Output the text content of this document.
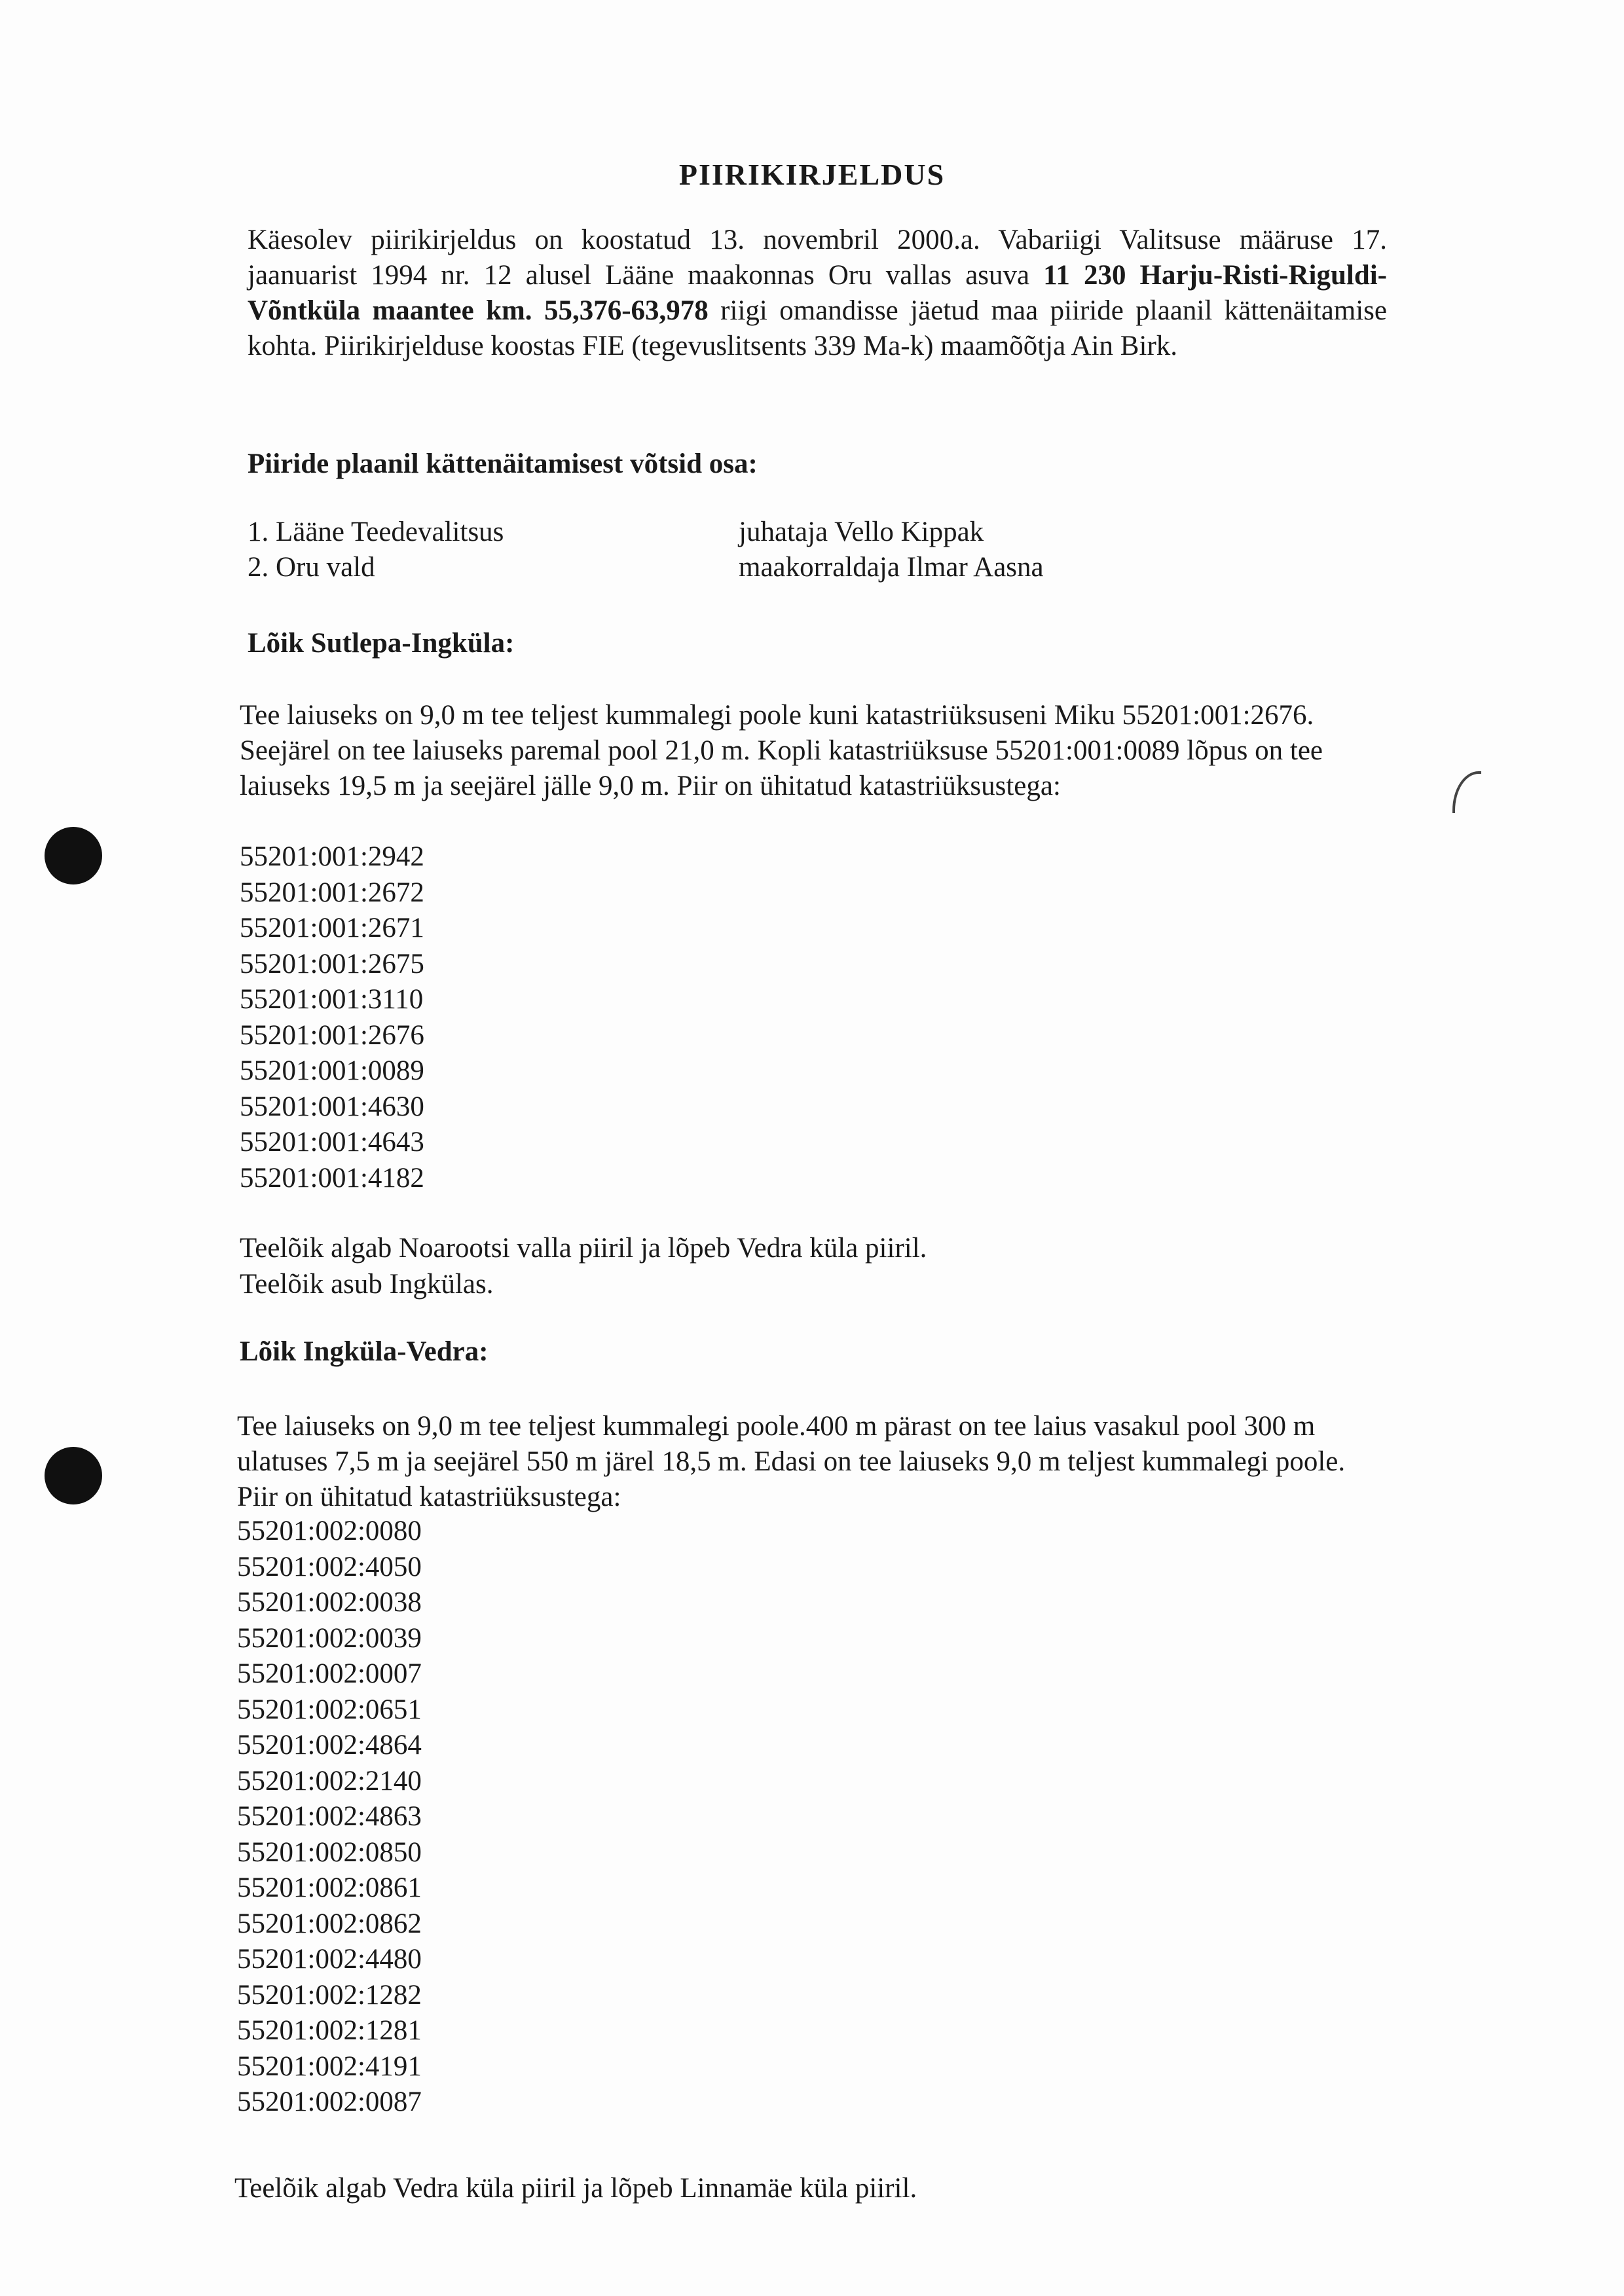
PIIRIKIRJELDUS

Käesolev piirikirjeldus on koostatud 13. novembril 2000.a. Vabariigi Valitsuse määruse 17. jaanuarist 1994 nr. 12 alusel Lääne maakonnas Oru vallas asuva 11 230 Harju-Risti-Riguldi-Võntküla maantee km. 55,376-63,978 riigi omandisse jäetud maa piiride plaanil kättenäitamise kohta. Piirikirjelduse koostas FIE (tegevuslitsents 339 Ma-k) maamõõtja Ain Birk.

Piiride plaanil kättenäitamisest võtsid osa:
1. Lääne Teedevalitsus	juhataja Vello Kippak
2. Oru vald	maakorraldaja Ilmar Aasna
Lõik Sutlepa-Ingküla:

Tee laiuseks on 9,0 m tee teljest kummalegi poole kuni katastriüksuseni Miku 55201:001:2676. Seejärel on tee laiuseks paremal pool 21,0 m. Kopli katastriüksuse 55201:001:0089 lõpus on tee laiuseks 19,5 m ja seejärel jälle 9,0 m. Piir on ühitatud katastriüksustega:

55201:001:2942
55201:001:2672
55201:001:2671
55201:001:2675
55201:001:3110
55201:001:2676
55201:001:0089
55201:001:4630
55201:001:4643
55201:001:4182
Teelõik algab Noarootsi valla piiril ja lõpeb Vedra küla piiril.
Teelõik asub Ingkülas.
Lõik Ingküla-Vedra:

Tee laiuseks on 9,0 m tee teljest kummalegi poole.400 m pärast on tee laius vasakul pool 300 m ulatuses 7,5 m ja seejärel 550 m järel 18,5 m. Edasi on tee laiuseks 9,0 m teljest kummalegi poole. Piir on ühitatud katastriüksustega:

55201:002:0080
55201:002:4050
55201:002:0038
55201:002:0039
55201:002:0007
55201:002:0651
55201:002:4864
55201:002:2140
55201:002:4863
55201:002:0850
55201:002:0861
55201:002:0862
55201:002:4480
55201:002:1282
55201:002:1281
55201:002:4191
55201:002:0087
Teelõik algab Vedra küla piiril ja lõpeb Linnamäe küla piiril.
